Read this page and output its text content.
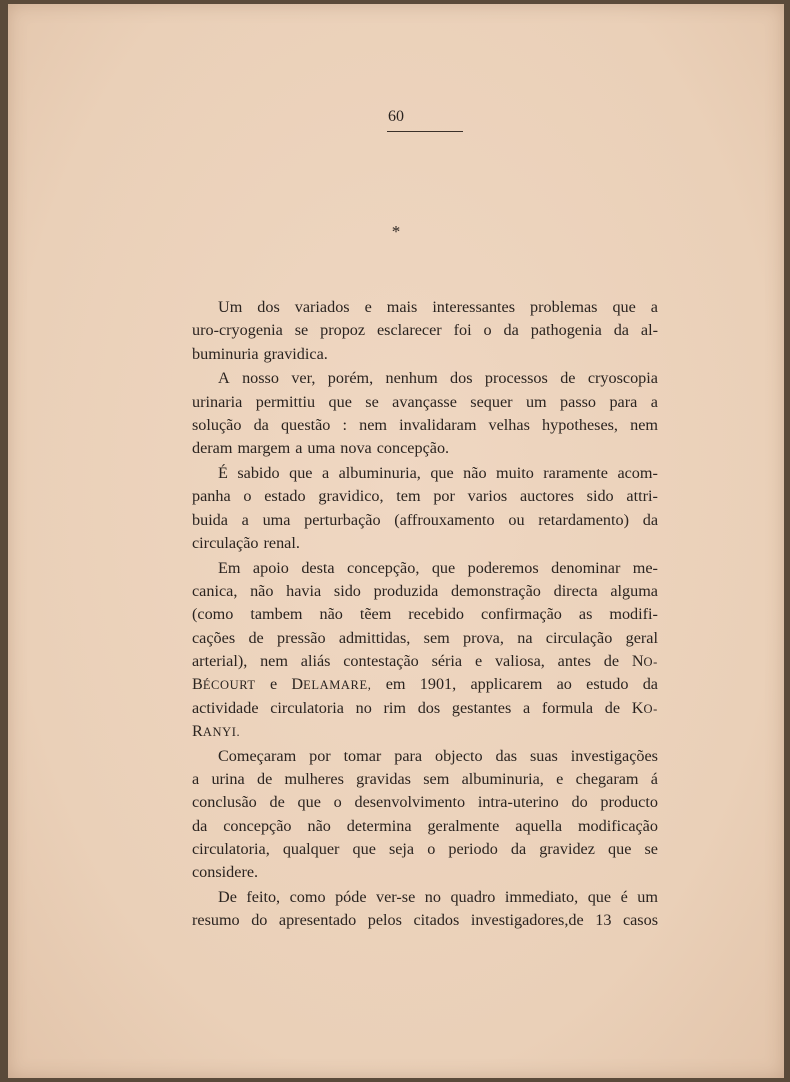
60
*
Um dos variados e mais interessantes problemas que a
uro-cryogenia se propoz esclarecer foi o da pathogenia da al-
buminuria gravidica.
A nosso ver, porém, nenhum dos processos de cryoscopia
urinaria permittiu que se avançasse sequer um passo para a
solução da questão : nem invalidaram velhas hypotheses, nem
deram margem a uma nova concepção.
É sabido que a albuminuria, que não muito raramente acom-
panha o estado gravidico, tem por varios auctores sido attri-
buida a uma perturbação (affrouxamento ou retardamento) da
circulação renal.
Em apoio desta concepção, que poderemos denominar me-
canica, não havia sido produzida demonstração directa alguma
(como tambem não tẽem recebido confirmação as modifi-
cações de pressão admittidas, sem prova, na circulação geral
arterial), nem aliás contestação séria e valiosa, antes de NO-
BÉCOURT e DELAMARE, em 1901, applicarem ao estudo da
actividade circulatoria no rim dos gestantes a formula de KO-
RANYI.
Começaram por tomar para objecto das suas investigações
a urina de mulheres gravidas sem albuminuria, e chegaram á
conclusão de que o desenvolvimento intra-uterino do producto
da concepção não determina geralmente aquella modificação
circulatoria, qualquer que seja o periodo da gravidez que se
considere.
De feito, como póde ver-se no quadro immediato, que é um
resumo do apresentado pelos citados investigadores,de 13 casos
